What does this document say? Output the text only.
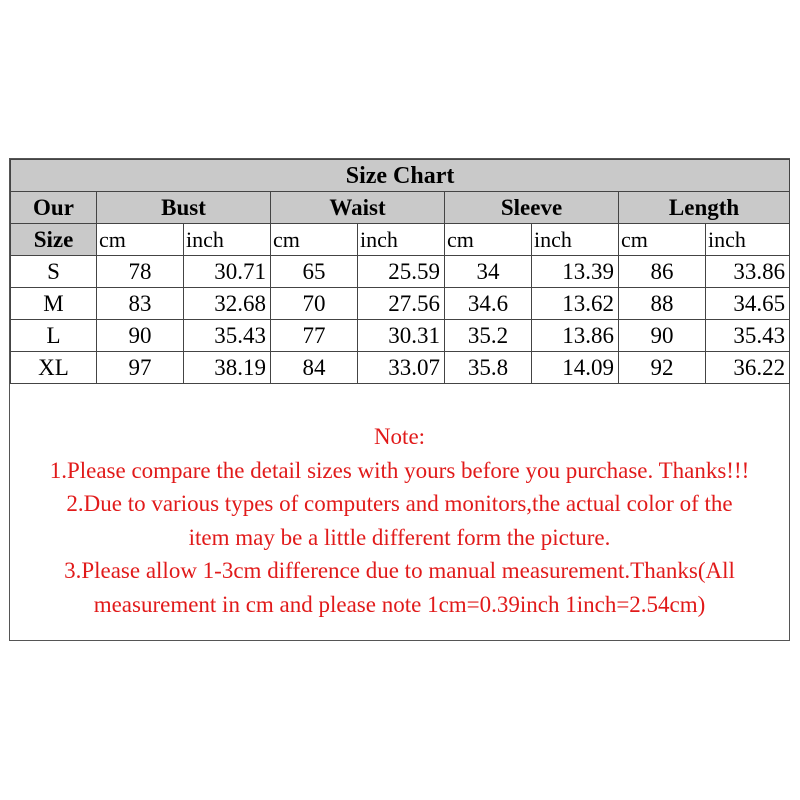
Size Chart								
Our	Bust		Waist		Sleeve		Length	
Size	cm	inch	cm	inch	cm	inch	cm	inch
S	78	30.71	65	25.59	34	13.39	86	33.86
M	83	32.68	70	27.56	34.6	13.62	88	34.65
L	90	35.43	77	30.31	35.2	13.86	90	35.43
XL	97	38.19	84	33.07	35.8	14.09	92	36.22
Note:
1.Please compare the detail sizes with yours before you purchase. Thanks!!!
2.Due to various types of computers and monitors,the actual color of the
item may be a little different form the picture.
3.Please allow 1-3cm difference due to manual measurement.Thanks(All
measurement in cm and please note 1cm=0.39inch 1inch=2.54cm)
